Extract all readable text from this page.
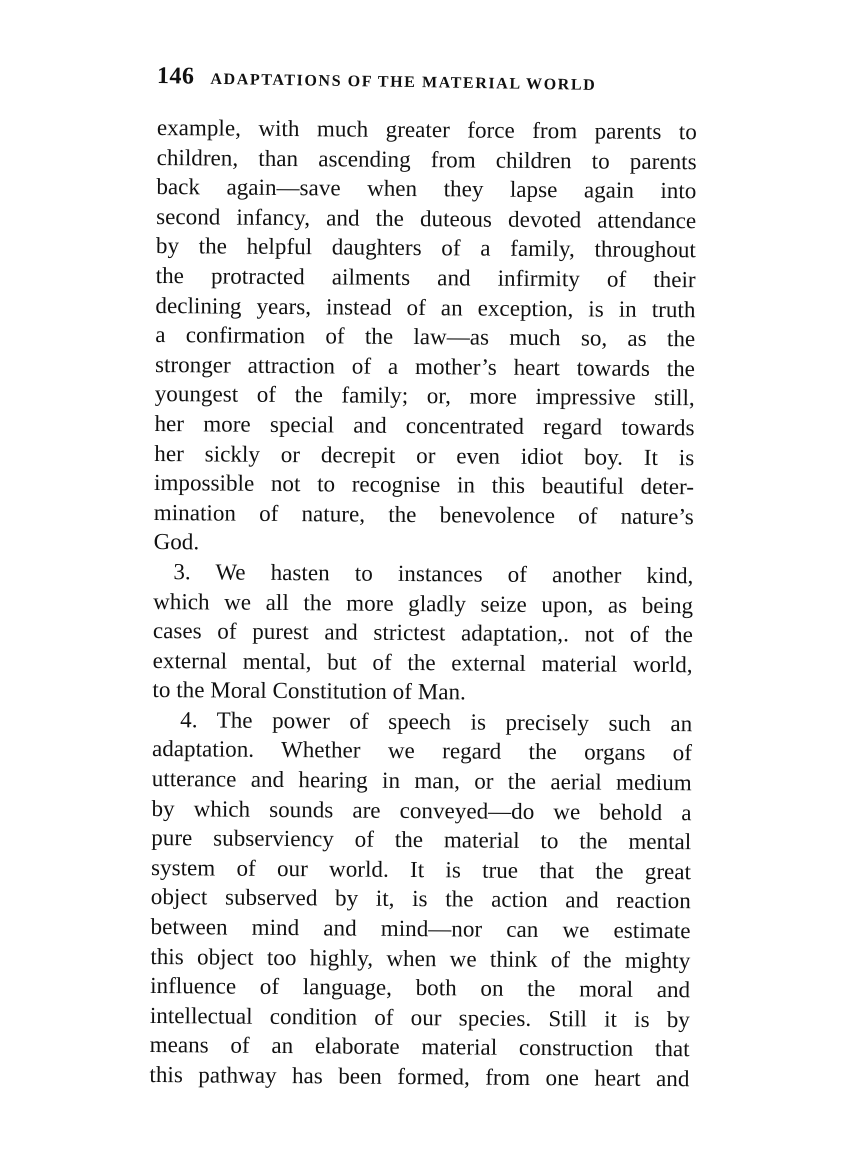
146 ADAPTATIONS OF THE MATERIAL WORLD
example, with much greater force from parents to
children, than ascending from children to parents
back again—save when they lapse again into
second infancy, and the duteous devoted attendance
by the helpful daughters of a family, throughout
the protracted ailments and infirmity of their
declining years, instead of an exception, is in truth
a confirmation of the law—as much so, as the
stronger attraction of a mother’s heart towards the
youngest of the family; or, more impressive still,
her more special and concentrated regard towards
her sickly or decrepit or even idiot boy. It is
impossible not to recognise in this beautiful deter-
mination of nature, the benevolence of nature’s
God.
3. We hasten to instances of another kind,
which we all the more gladly seize upon, as being
cases of purest and strictest adaptation,. not of the
external mental, but of the external material world,
to the Moral Constitution of Man.
4. The power of speech is precisely such an
adaptation. Whether we regard the organs of
utterance and hearing in man, or the aerial medium
by which sounds are conveyed—do we behold a
pure subserviency of the material to the mental
system of our world. It is true that the great
object subserved by it, is the action and reaction
between mind and mind—nor can we estimate
this object too highly, when we think of the mighty
influence of language, both on the moral and
intellectual condition of our species. Still it is by
means of an elaborate material construction that
this pathway has been formed, from one heart and
